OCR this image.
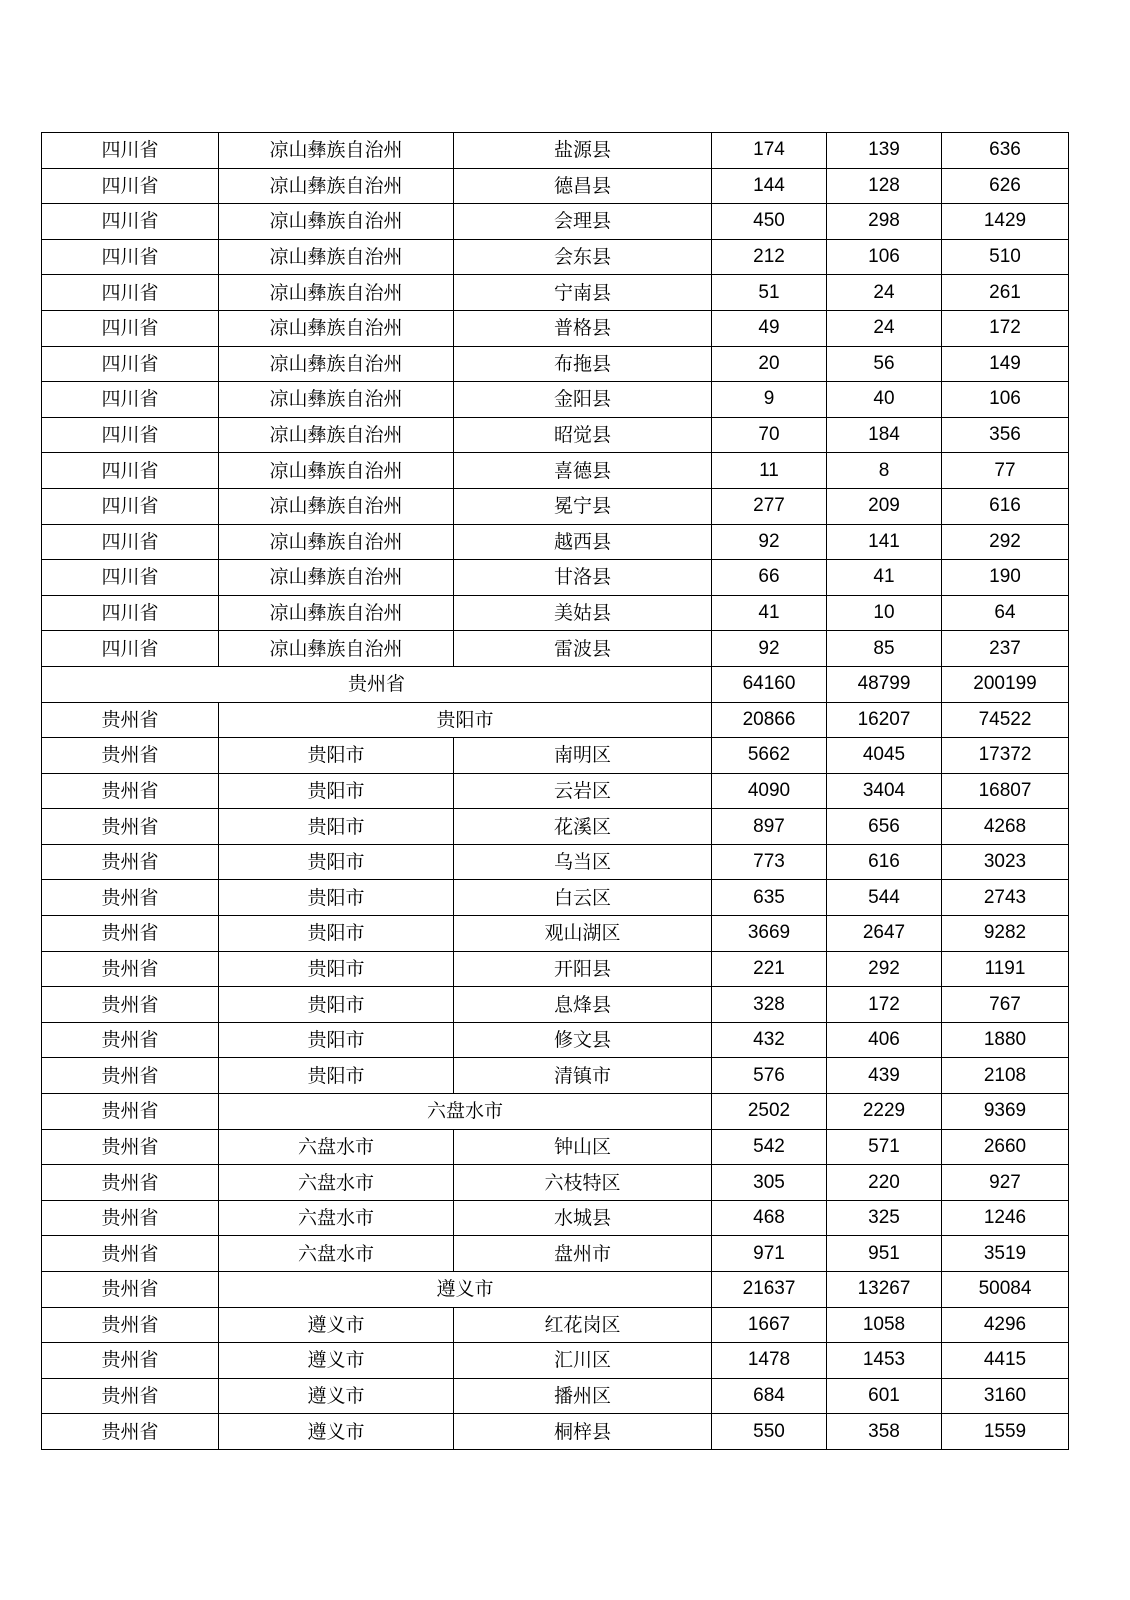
四川省	凉山彝族自治州	盐源县	174	139	636
四川省	凉山彝族自治州	德昌县	144	128	626
四川省	凉山彝族自治州	会理县	450	298	1429
四川省	凉山彝族自治州	会东县	212	106	510
四川省	凉山彝族自治州	宁南县	51	24	261
四川省	凉山彝族自治州	普格县	49	24	172
四川省	凉山彝族自治州	布拖县	20	56	149
四川省	凉山彝族自治州	金阳县	9	40	106
四川省	凉山彝族自治州	昭觉县	70	184	356
四川省	凉山彝族自治州	喜德县	11	8	77
四川省	凉山彝族自治州	冕宁县	277	209	616
四川省	凉山彝族自治州	越西县	92	141	292
四川省	凉山彝族自治州	甘洛县	66	41	190
四川省	凉山彝族自治州	美姑县	41	10	64
四川省	凉山彝族自治州	雷波县	92	85	237
贵州省			64160	48799	200199
贵州省	贵阳市		20866	16207	74522
贵州省	贵阳市	南明区	5662	4045	17372
贵州省	贵阳市	云岩区	4090	3404	16807
贵州省	贵阳市	花溪区	897	656	4268
贵州省	贵阳市	乌当区	773	616	3023
贵州省	贵阳市	白云区	635	544	2743
贵州省	贵阳市	观山湖区	3669	2647	9282
贵州省	贵阳市	开阳县	221	292	1191
贵州省	贵阳市	息烽县	328	172	767
贵州省	贵阳市	修文县	432	406	1880
贵州省	贵阳市	清镇市	576	439	2108
贵州省	六盘水市		2502	2229	9369
贵州省	六盘水市	钟山区	542	571	2660
贵州省	六盘水市	六枝特区	305	220	927
贵州省	六盘水市	水城县	468	325	1246
贵州省	六盘水市	盘州市	971	951	3519
贵州省	遵义市		21637	13267	50084
贵州省	遵义市	红花岗区	1667	1058	4296
贵州省	遵义市	汇川区	1478	1453	4415
贵州省	遵义市	播州区	684	601	3160
贵州省	遵义市	桐梓县	550	358	1559
